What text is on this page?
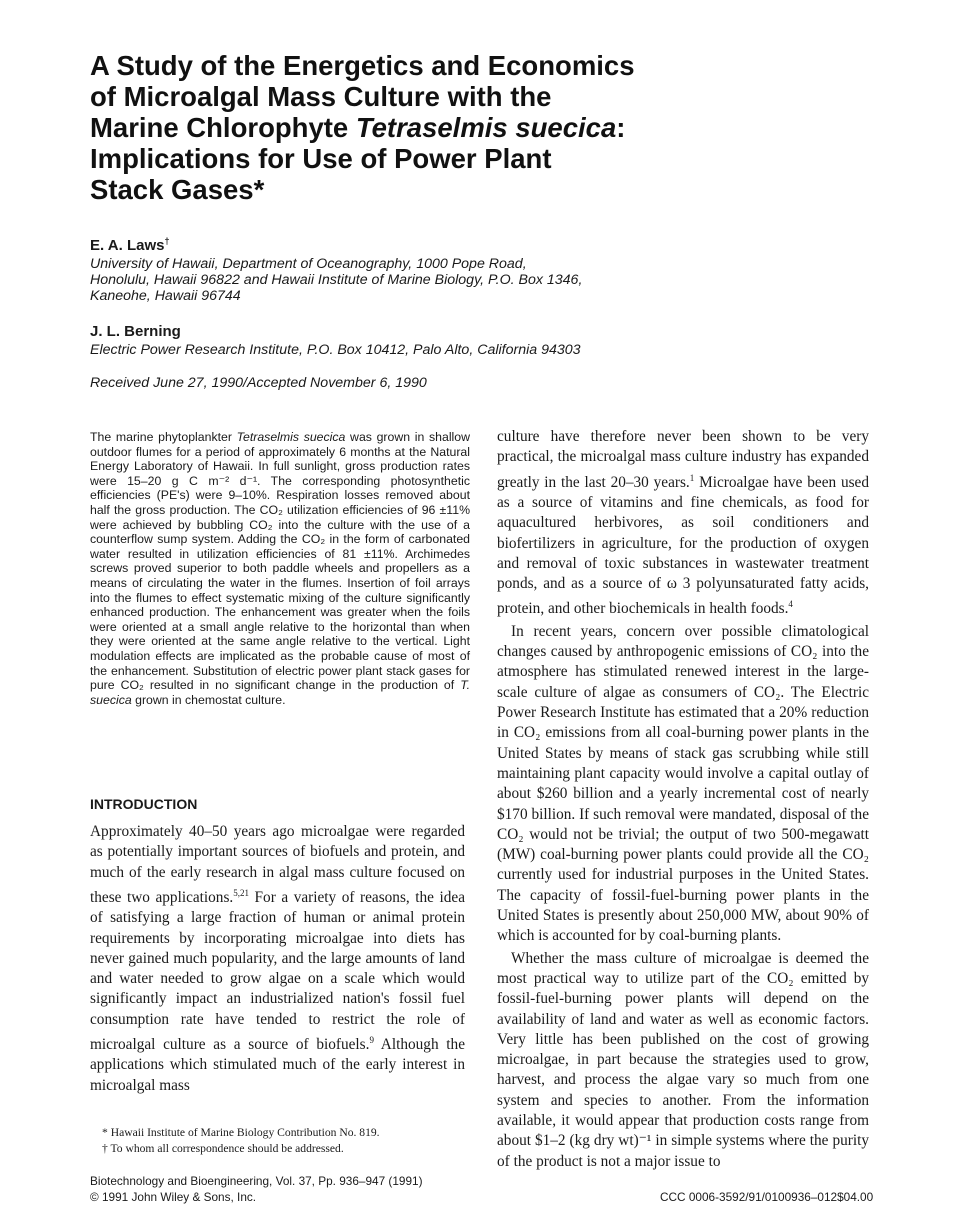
A Study of the Energetics and Economics
of Microalgal Mass Culture with the
Marine Chlorophyte Tetraselmis suecica:
Implications for Use of Power Plant
Stack Gases*
E. A. Laws†
University of Hawaii, Department of Oceanography, 1000 Pope Road,
Honolulu, Hawaii 96822 and Hawaii Institute of Marine Biology, P.O. Box 1346,
Kaneohe, Hawaii 96744
J. L. Berning
Electric Power Research Institute, P.O. Box 10412, Palo Alto, California 94303
Received June 27, 1990/Accepted November 6, 1990
The marine phytoplankter Tetraselmis suecica was grown in shallow outdoor flumes for a period of approximately 6 months at the Natural Energy Laboratory of Hawaii. In full sunlight, gross production rates were 15–20 g C m⁻² d⁻¹. The corresponding photosynthetic efficiencies (PE's) were 9–10%. Respiration losses removed about half the gross production. The CO₂ utilization efficiencies of 96 ±11% were achieved by bubbling CO₂ into the culture with the use of a counterflow sump system. Adding the CO₂ in the form of carbonated water resulted in utilization efficiencies of 81 ±11%. Archimedes screws proved superior to both paddle wheels and propellers as a means of circulating the water in the flumes. Insertion of foil arrays into the flumes to effect systematic mixing of the culture significantly enhanced production. The enhancement was greater when the foils were oriented at a small angle relative to the horizontal than when they were oriented at the same angle relative to the vertical. Light modulation effects are implicated as the probable cause of most of the enhancement. Substitution of electric power plant stack gases for pure CO₂ resulted in no significant change in the production of T. suecica grown in chemostat culture.
INTRODUCTION
Approximately 40–50 years ago microalgae were regarded as potentially important sources of biofuels and protein, and much of the early research in algal mass culture focused on these two applications.$^{5,21}$ For a variety of reasons, the idea of satisfying a large fraction of human or animal protein requirements by incorporating microalgae into diets has never gained much popularity, and the large amounts of land and water needed to grow algae on a scale which would significantly impact an industrialized nation's fossil fuel consumption rate have tended to restrict the role of microalgal culture as a source of biofuels.$^9$ Although the applications which stimulated much of the early interest in microalgal mass

culture have therefore never been shown to be very practical, the microalgal mass culture industry has expanded greatly in the last 20–30 years.$^1$ Microalgae have been used as a source of vitamins and fine chemicals, as food for aquacultured herbivores, as soil conditioners and biofertilizers in agriculture, for the production of oxygen and removal of toxic substances in wastewater treatment ponds, and as a source of ω 3 polyunsaturated fatty acids, protein, and other biochemicals in health foods.$^4$

In recent years, concern over possible climatological changes caused by anthropogenic emissions of CO₂ into the atmosphere has stimulated renewed interest in the large-scale culture of algae as consumers of CO₂. The Electric Power Research Institute has estimated that a 20% reduction in CO₂ emissions from all coal-burning power plants in the United States by means of stack gas scrubbing while still maintaining plant capacity would involve a capital outlay of about $260 billion and a yearly incremental cost of nearly $170 billion. If such removal were mandated, disposal of the CO₂ would not be trivial; the output of two 500-megawatt (MW) coal-burning power plants could provide all the CO₂ currently used for industrial purposes in the United States. The capacity of fossil-fuel-burning power plants in the United States is presently about 250,000 MW, about 90% of which is accounted for by coal-burning plants.

Whether the mass culture of microalgae is deemed the most practical way to utilize part of the CO₂ emitted by fossil-fuel-burning power plants will depend on the availability of land and water as well as economic factors. Very little has been published on the cost of growing microalgae, in part because the strategies used to grow, harvest, and process the algae vary so much from one system and species to another. From the information available, it would appear that production costs range from about $1–2 (kg dry wt)⁻¹ in simple systems where the purity of the product is not a major issue to

* Hawaii Institute of Marine Biology Contribution No. 819.
† To whom all correspondence should be addressed.
Biotechnology and Bioengineering, Vol. 37, Pp. 936–947 (1991)
© 1991 John Wiley & Sons, Inc.	CCC 0006-3592/91/0100936–012$04.00
